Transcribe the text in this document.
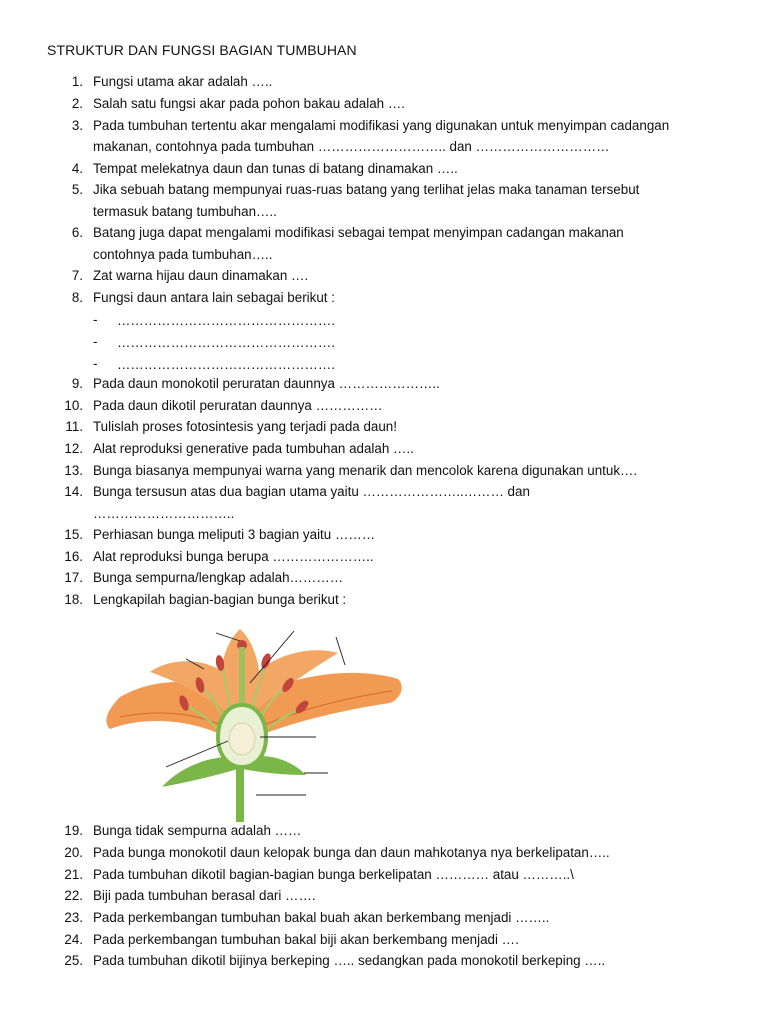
STRUKTUR DAN FUNGSI BAGIAN TUMBUHAN
1. Fungsi utama akar adalah …..
2. Salah satu fungsi akar pada pohon bakau adalah ….
3. Pada tumbuhan tertentu akar mengalami modifikasi yang digunakan untuk menyimpan cadangan
makanan, contohnya pada tumbuhan ……………………….. dan …………………………
4. Tempat melekatnya daun dan tunas di batang dinamakan …..
5. Jika sebuah batang mempunyai ruas-ruas batang yang terlihat jelas maka tanaman tersebut
termasuk batang tumbuhan…..
6. Batang juga dapat mengalami modifikasi sebagai tempat menyimpan cadangan makanan
contohnya pada tumbuhan…..
7. Zat warna hijau daun dinamakan ….
8. Fungsi daun antara lain sebagai berikut :
- ………………………………………….
- ………………………………………….
- ………………………………………….
9. Pada daun monokotil peruratan daunnya …………………..
10. Pada daun dikotil peruratan daunnya ……………
11. Tulislah proses fotosintesis yang terjadi pada daun!
12. Alat reproduksi generative pada tumbuhan adalah …..
13. Bunga biasanya mempunyai warna yang menarik dan mencolok karena digunakan untuk….
14. Bunga tersusun atas dua bagian utama yaitu …………………..……… dan
…………………………..
15. Perhiasan bunga meliputi 3 bagian yaitu ………
16. Alat reproduksi bunga berupa …………………..
17. Bunga sempurna/lengkap adalah…………
18. Lengkapilah bagian-bagian bunga berikut :
19. Bunga tidak sempurna adalah ……
20. Pada bunga monokotil daun kelopak bunga dan daun mahkotanya nya berkelipatan…..
21. Pada tumbuhan dikotil bagian-bagian bunga berkelipatan ………… atau ………..\
22. Biji pada tumbuhan berasal dari …….
23. Pada perkembangan tumbuhan bakal buah akan berkembang menjadi ……..
24. Pada perkembangan tumbuhan bakal biji akan berkembang menjadi ….
25. Pada tumbuhan dikotil bijinya berkeping ….. sedangkan pada monokotil berkeping …..
